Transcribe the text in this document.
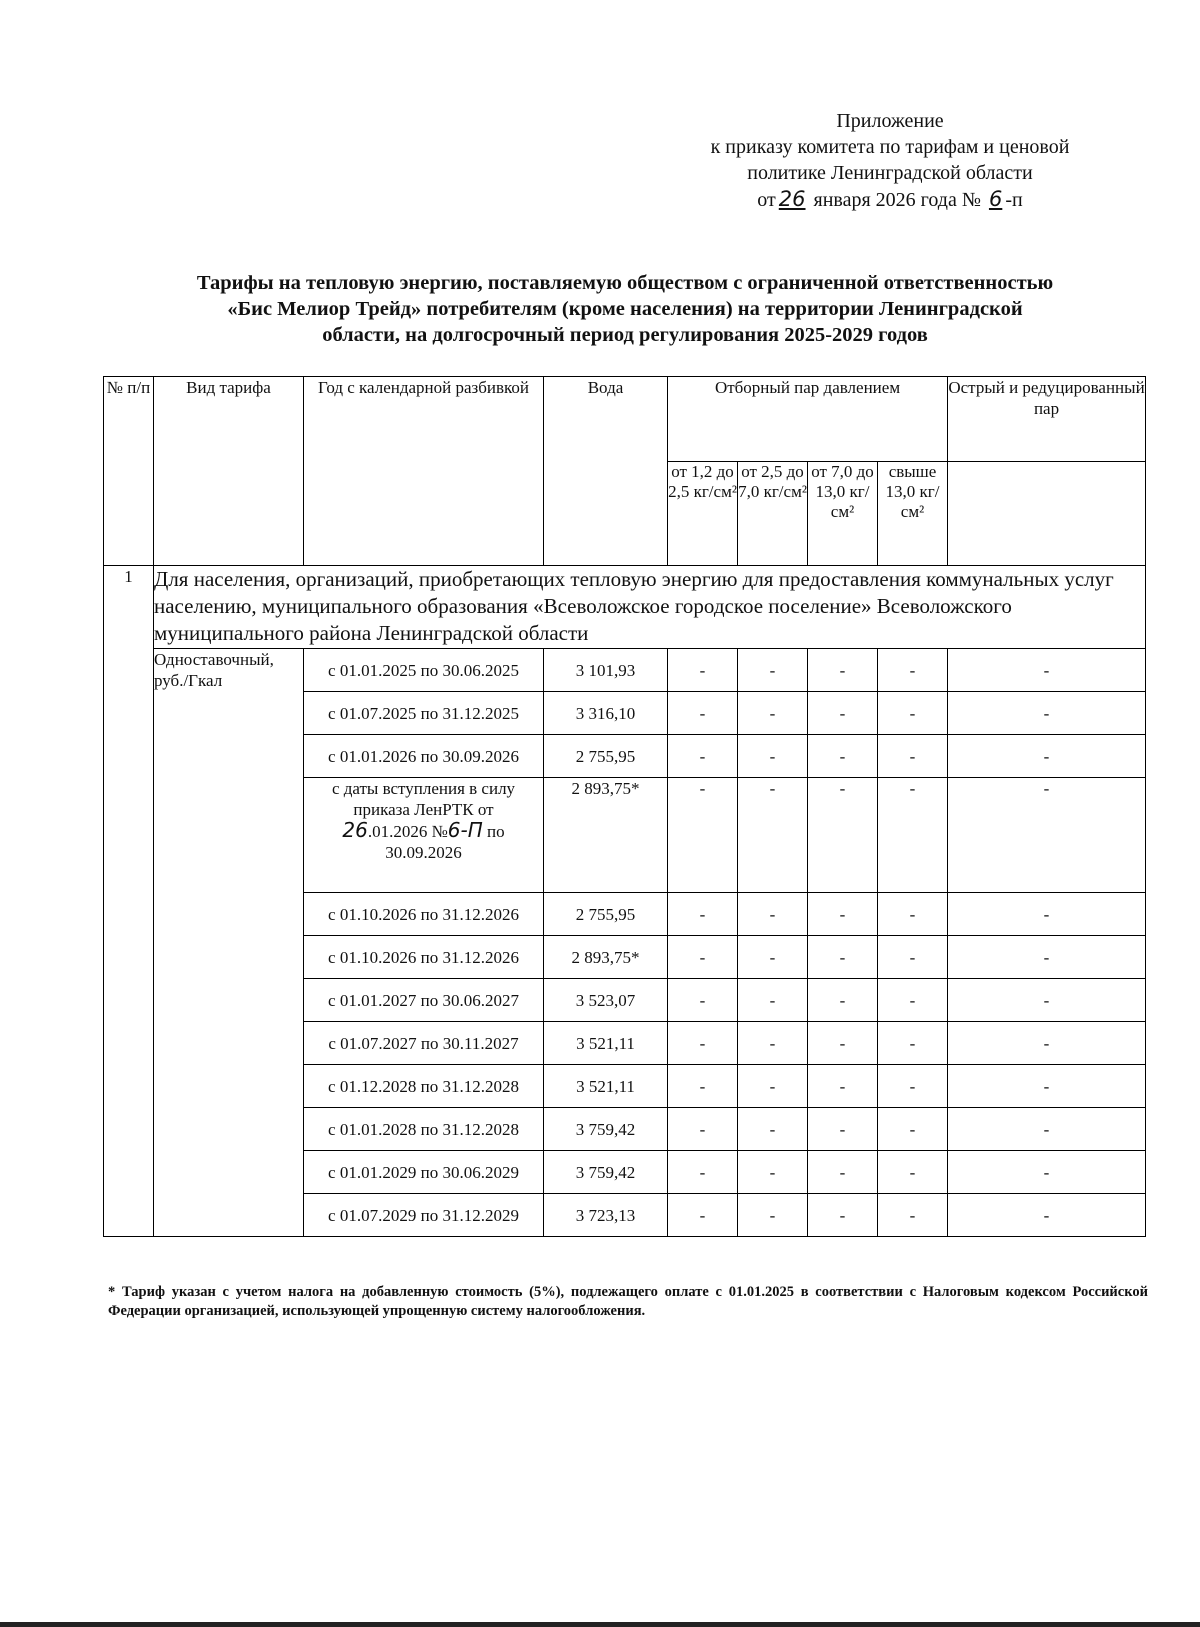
Приложение
к приказу комитета по тарифам и ценовой
политике Ленинградской области
от 26 января 2026 года № 6 -п
Тарифы на тепловую энергию, поставляемую обществом с ограниченной ответственностью
«Бис Мелиор Трейд» потребителям (кроме населения) на территории Ленинградской
области, на долгосрочный период регулирования 2025-2029 годов
№ п/п	Вид тарифа	Год с календарной разбивкой	Вода	Отборный пар давлением				Острый и редуцированный пар
				от 1,2 до 2,5 кг/см²	от 2,5 до 7,0 кг/см²	от 7,0 до 13,0 кг/см²	свыше 13,0 кг/см²	
1	Для населения, организаций, приобретающих тепловую энергию для предоставления коммунальных услуг населению, муниципального образования «Всеволожское городское поселение» Всеволожского муниципального района Ленинградской области							
	Одноставочный, руб./Гкал	с 01.01.2025 по 30.06.2025	3 101,93	-	-	-	-	-
		с 01.07.2025 по 31.12.2025	3 316,10	-	-	-	-	-
		с 01.01.2026 по 30.09.2026	2 755,95	-	-	-	-	-

		с даты вступления в силу
приказа ЛенРТК от
26.01.2026 №6-П по
30.09.2026	2 893,75*	-	-	-	-	-
		с 01.10.2026 по 31.12.2026	2 755,95	-	-	-	-	-
		с 01.10.2026 по 31.12.2026	2 893,75*	-	-	-	-	-
		с 01.01.2027 по 30.06.2027	3 523,07	-	-	-	-	-
		с 01.07.2027 по 30.11.2027	3 521,11	-	-	-	-	-
		с 01.12.2028 по 31.12.2028	3 521,11	-	-	-	-	-
		с 01.01.2028 по 31.12.2028	3 759,42	-	-	-	-	-
		с 01.01.2029 по 30.06.2029	3 759,42	-	-	-	-	-
		с 01.07.2029 по 31.12.2029	3 723,13	-	-	-	-	-
* Тариф указан с учетом налога на добавленную стоимость (5%), подлежащего оплате с 01.01.2025 в соответствии с Налоговым кодексом Российской Федерации организацией, использующей упрощенную систему налогообложения.
